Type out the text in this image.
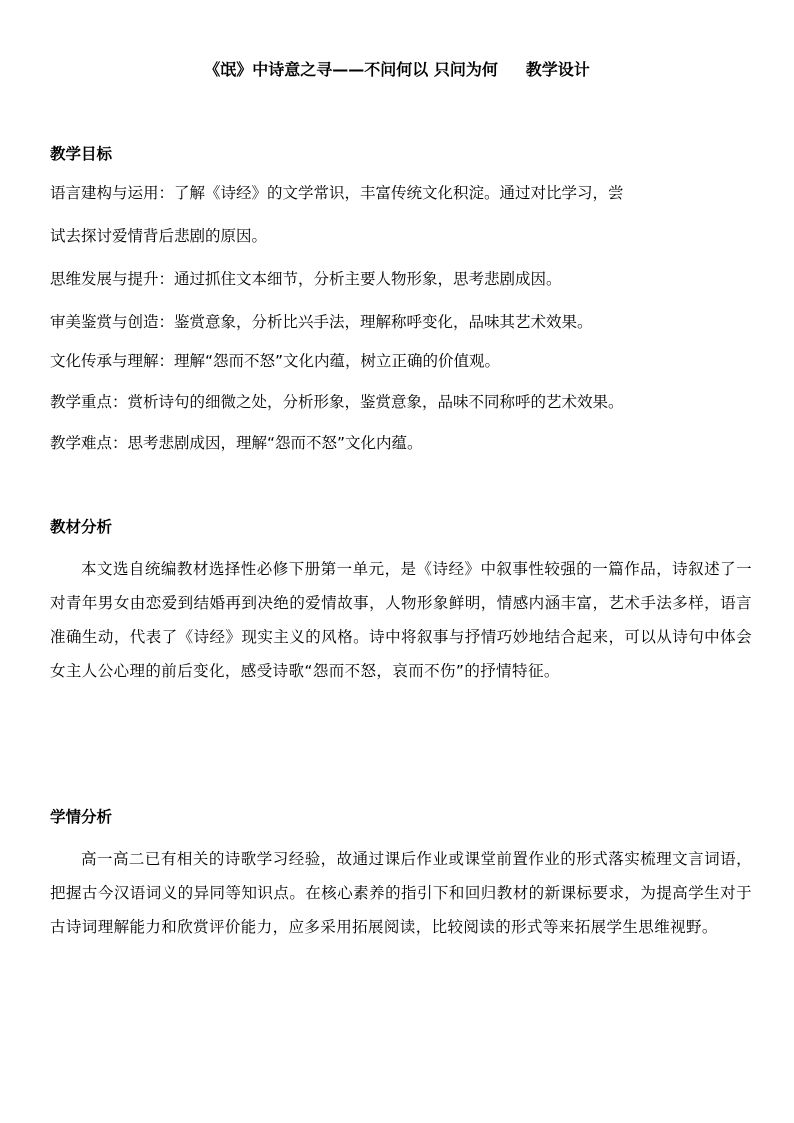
《氓》中诗意之寻——不问何以 只问为何     教学设计
教学目标
语言建构与运用：了解《诗经》的文学常识，丰富传统文化积淀。通过对比学习，尝
试去探讨爱情背后悲剧的原因。
思维发展与提升：通过抓住文本细节，分析主要人物形象，思考悲剧成因。
审美鉴赏与创造：鉴赏意象，分析比兴手法，理解称呼变化，品味其艺术效果。
文化传承与理解：理解“怨而不怒”文化内蕴，树立正确的价值观。
教学重点：赏析诗句的细微之处，分析形象，鉴赏意象，品味不同称呼的艺术效果。
教学难点：思考悲剧成因，理解“怨而不怒”文化内蕴。
教材分析
本文选自统编教材选择性必修下册第一单元，是《诗经》中叙事性较强的一篇作品，诗叙述了一对青年男女由恋爱到结婚再到决绝的爱情故事，人物形象鲜明，情感内涵丰富，艺术手法多样，语言准确生动，代表了《诗经》现实主义的风格。诗中将叙事与抒情巧妙地结合起来，可以从诗句中体会女主人公心理的前后变化，感受诗歌“怨而不怒，哀而不伤”的抒情特征。
学情分析
高一高二已有相关的诗歌学习经验，故通过课后作业或课堂前置作业的形式落实梳理文言词语，把握古今汉语词义的异同等知识点。在核心素养的指引下和回归教材的新课标要求，为提高学生对于古诗词理解能力和欣赏评价能力，应多采用拓展阅读，比较阅读的形式等来拓展学生思维视野。
